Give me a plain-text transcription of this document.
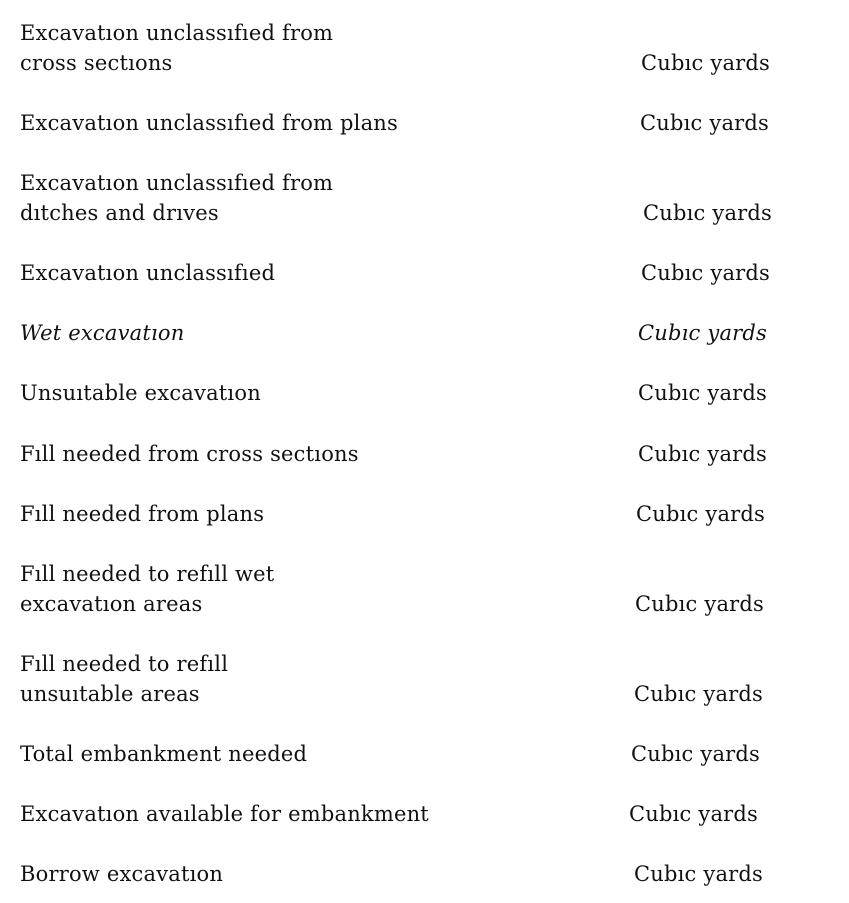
Excavatıon unclassıfıed from
cross sectıons	Cubıc yards
Excavatıon unclassıfıed from plans	Cubıc yards
Excavatıon unclassıfıed from
dıtches and drıves	Cubıc yards
Excavatıon unclassıfıed	Cubıc yards
Wet excavatıon	Cubıc yards
Unsuıtable excavatıon	Cubıc yards
Fıll needed from cross sectıons	Cubıc yards
Fıll needed from plans	Cubıc yards
Fıll needed to refıll wet
excavatıon areas	Cubıc yards
Fıll needed to refıll
unsuıtable areas	Cubıc yards
Total embankment needed	Cubıc yards
Excavatıon avaılable for embankment	Cubıc yards
Borrow excavatıon	Cubıc yards
